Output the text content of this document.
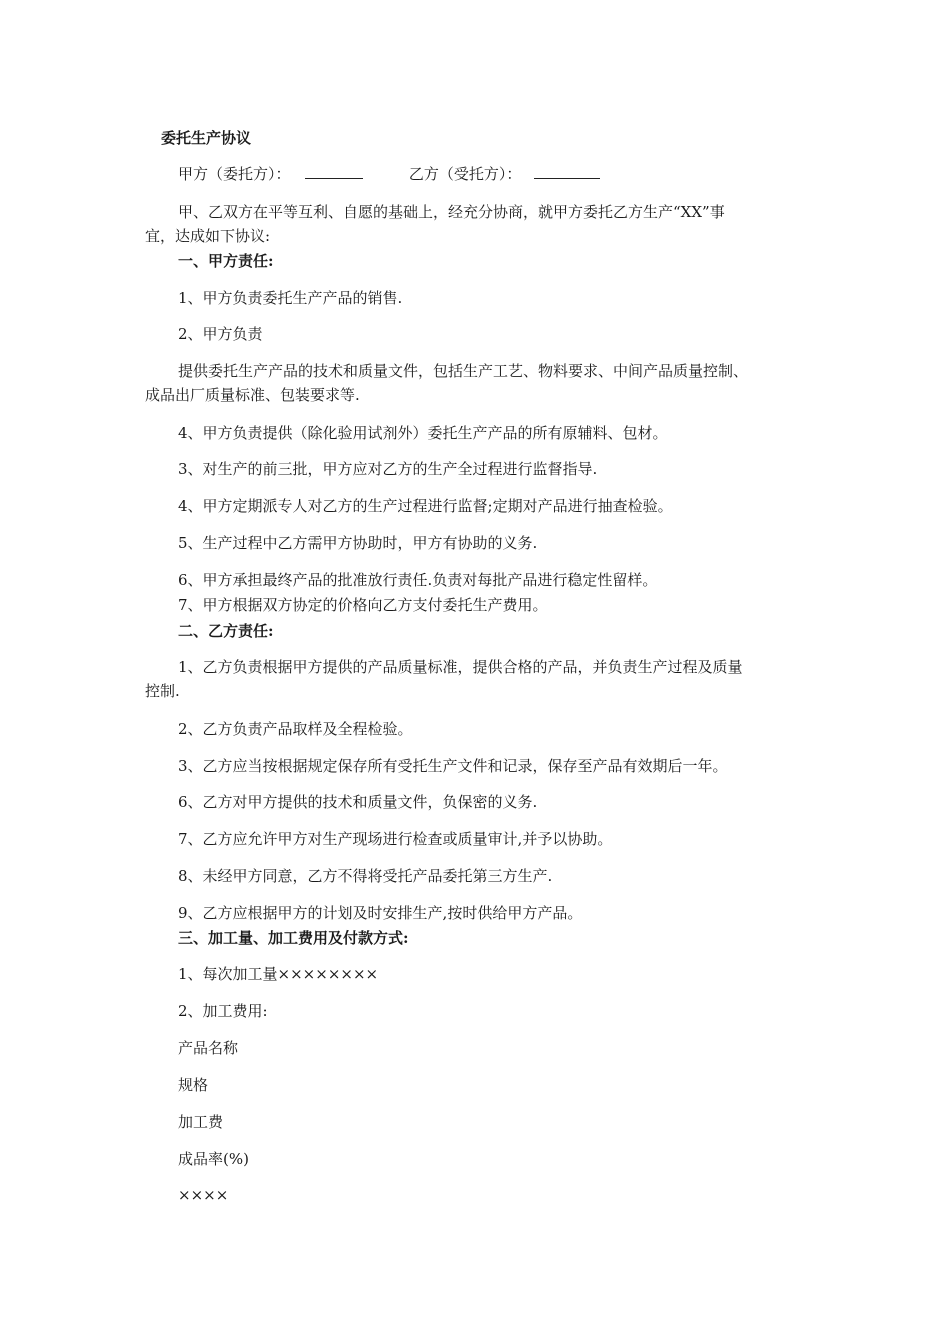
委托生产协议

甲方（委托方）：	乙方（受托方）：
甲、乙双方在平等互利、自愿的基础上，经充分协商，就甲方委托乙方生产“XX”事
宜，达成如下协议:

一、甲方责任:

1、甲方负责委托生产产品的销售.

2、甲方负责

提供委托生产产品的技术和质量文件，包括生产工艺、物料要求、中间产品质量控制、
成品出厂质量标准、包装要求等.

4、甲方负责提供（除化验用试剂外）委托生产产品的所有原辅料、包材。

3、对生产的前三批，甲方应对乙方的生产全过程进行监督指导.

4、甲方定期派专人对乙方的生产过程进行监督;定期对产品进行抽查检验。

5、生产过程中乙方需甲方协助时，甲方有协助的义务.

6、甲方承担最终产品的批准放行责任.负责对每批产品进行稳定性留样。

7、甲方根据双方协定的价格向乙方支付委托生产费用。

二、乙方责任:

1、乙方负责根据甲方提供的产品质量标准，提供合格的产品，并负责生产过程及质量
控制.

2、乙方负责产品取样及全程检验。

3、乙方应当按根据规定保存所有受托生产文件和记录，保存至产品有效期后一年。

6、乙方对甲方提供的技术和质量文件，负保密的义务.

7、乙方应允许甲方对生产现场进行检查或质量审计,并予以协助。

8、未经甲方同意，乙方不得将受托产品委托第三方生产.

9、乙方应根据甲方的计划及时安排生产,按时供给甲方产品。

三、加工量、加工费用及付款方式:

1、每次加工量××××××××

2、加工费用:

产品名称

规格

加工费

成品率(%)

××××
